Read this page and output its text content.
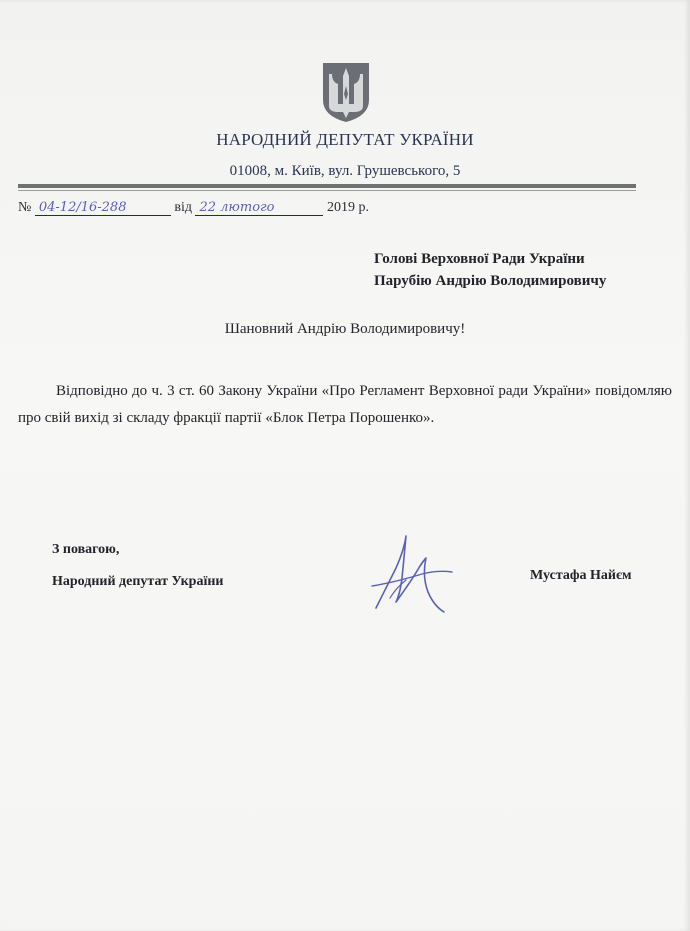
НАРОДНИЙ ДЕПУТАТ УКРАЇНИ
01008, м. Київ, вул. Грушевського, 5
№ 04-12/16-288	від 22 лютого	2019 р.
Голові Верховної Ради України
Парубію Андрію Володимировичу
Шановний Андрію Володимировичу!
Відповідно до ч. 3 ст. 60 Закону України «Про Регламент Верховної ради України» повідомляю про свій вихід зі складу фракції партії «Блок Петра Порошенко».
З повагою,
Народний депутат України	Мустафа Найєм
